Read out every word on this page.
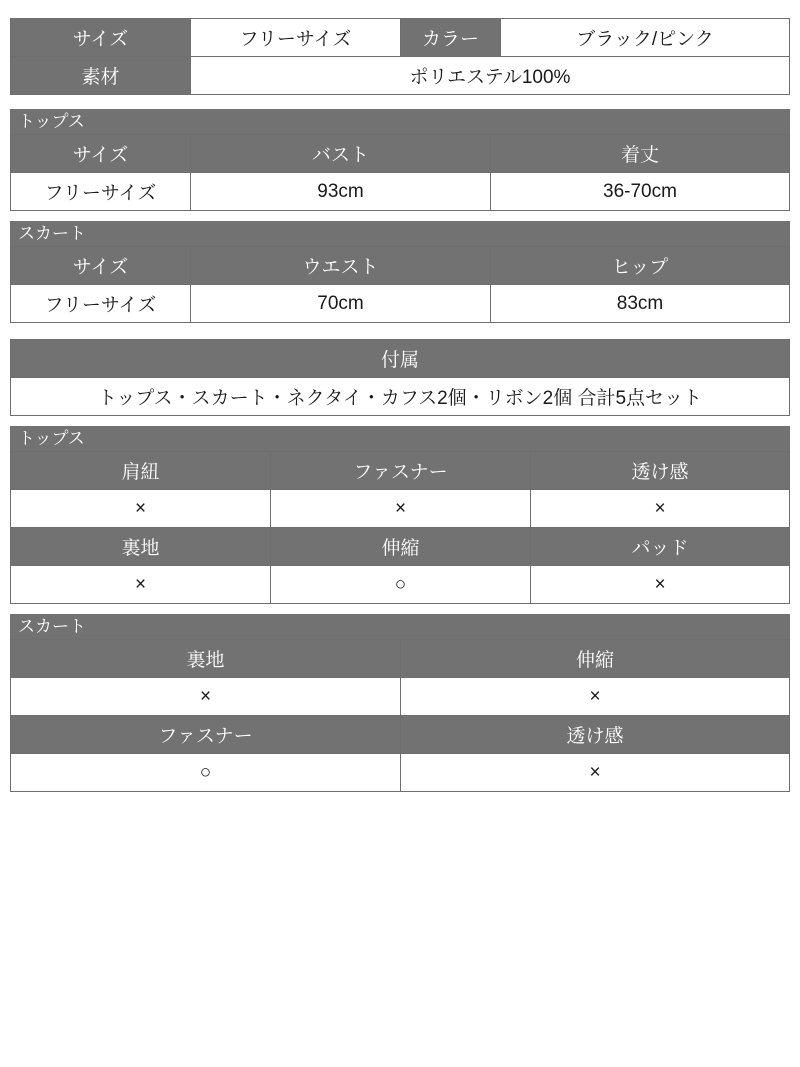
サイズ	フリーサイズ	カラー	ブラック/ピンク
素材	ポリエステル100%		
トップス
サイズ	バスト	着丈
フリーサイズ	93cm	36-70cm
スカート
サイズ	ウエスト	ヒップ
フリーサイズ	70cm	83cm
付属
トップス・スカート・ネクタイ・カフス2個・リボン2個 合計5点セット
トップス
肩紐	ファスナー	透け感
×	×	×
裏地	伸縮	パッド
×	○	×
スカート
裏地	伸縮
×	×
ファスナー	透け感
○	×
